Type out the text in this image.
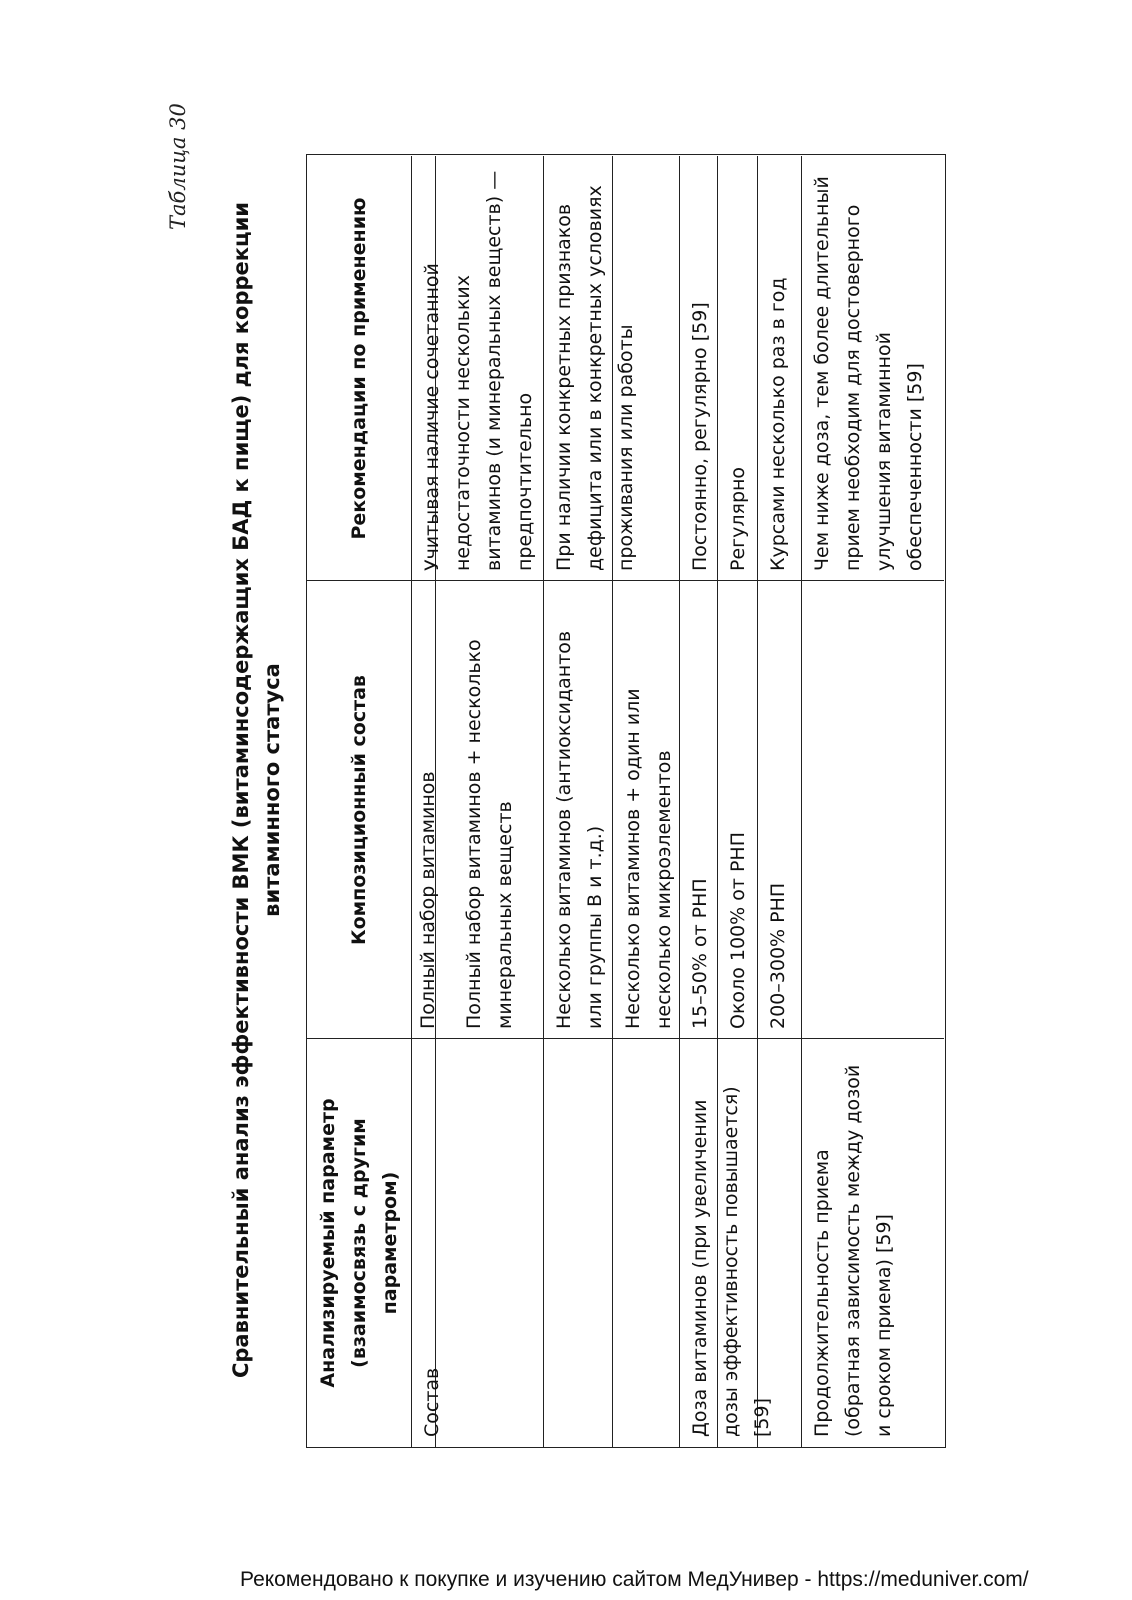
Таблица 30
Сравнительный анализ эффективности ВМК (витаминсодержащих БАД к пище) для коррекции витаминного статуса
Анализируемый параметр (взаимосвязь с другим параметром)
Композиционный состав
Рекомендации по применению
Состав
Полный набор витаминов	Полный набор витаминов + несколько минеральных веществ
Учитывая наличие сочетанной недостаточности нескольких витаминов (и минеральных веществ) — предпочтительно
Несколько витаминов (антиоксидантов или группы В и т.д.) Несколько витаминов + один или несколько микроэлементов
При наличии конкретных признаков дефицита или в конкретных условиях проживания или работы
Доза витаминов (при увеличении дозы эффективность повышается) [59]
15–50% от РНП
Постоянно, регулярно [59]
Около 100% от РНП
Регулярно
200–300% РНП
Курсами несколько раз в год
Продолжительность приема (обратная зависимость между дозой и сроком приема) [59]
Чем ниже доза, тем более длительный прием необходим для достоверного улучшения витаминной обеспеченности [59]
Рекомендовано к покупке и изучению сайтом МедУнивер - https://meduniver.com/
